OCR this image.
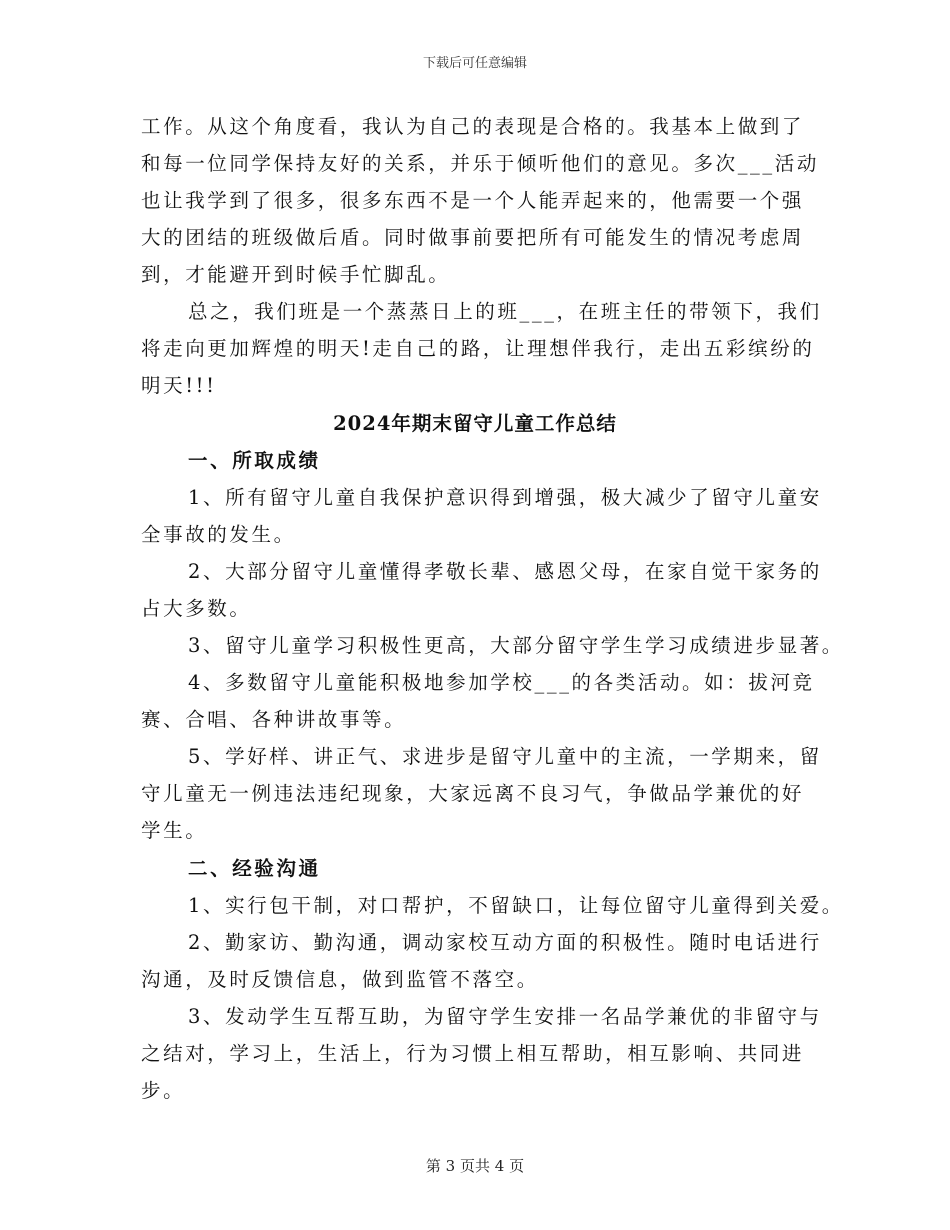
下载后可任意编辑
工作。从这个角度看，我认为自己的表现是合格的。我基本上做到了
和每一位同学保持友好的关系，并乐于倾听他们的意见。多次___活动
也让我学到了很多，很多东西不是一个人能弄起来的，他需要一个强
大的团结的班级做后盾。同时做事前要把所有可能发生的情况考虑周
到，才能避开到时候手忙脚乱。
总之，我们班是一个蒸蒸日上的班___，在班主任的带领下，我们
将走向更加辉煌的明天!走自己的路，让理想伴我行，走出五彩缤纷的
明天!!!
2024年期末留守儿童工作总结
一、所取成绩
1、所有留守儿童自我保护意识得到增强，极大减少了留守儿童安
全事故的发生。
2、大部分留守儿童懂得孝敬长辈、感恩父母，在家自觉干家务的
占大多数。
3、留守儿童学习积极性更高，大部分留守学生学习成绩进步显著。
4、多数留守儿童能积极地参加学校___的各类活动。如：拔河竞
赛、合唱、各种讲故事等。
5、学好样、讲正气、求进步是留守儿童中的主流，一学期来，留
守儿童无一例违法违纪现象，大家远离不良习气，争做品学兼优的好
学生。
二、经验沟通
1、实行包干制，对口帮护，不留缺口，让每位留守儿童得到关爱。
2、勤家访、勤沟通，调动家校互动方面的积极性。随时电话进行
沟通，及时反馈信息，做到监管不落空。
3、发动学生互帮互助，为留守学生安排一名品学兼优的非留守与
之结对，学习上，生活上，行为习惯上相互帮助，相互影响、共同进
步。
第 3 页共 4 页
